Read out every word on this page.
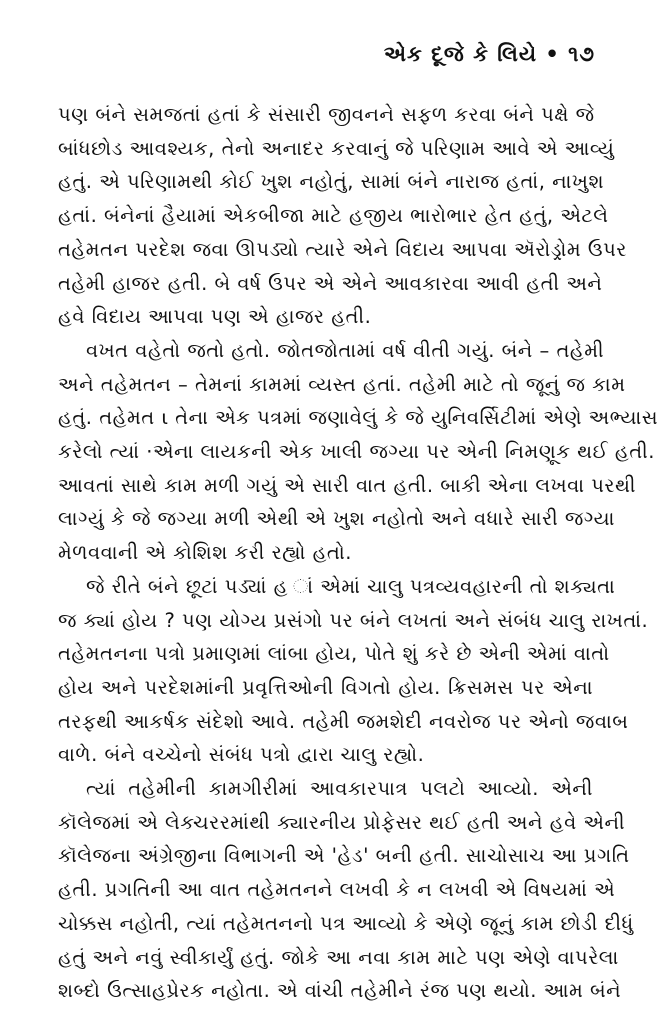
એક દૂજે કે લિયે • ૧૭
પણ બંને સમજતાં હતાં કે સંસારી જીવનને સફળ કરવા બંને પક્ષે જે
બાંધછોડ આવશ્યક, તેનો અનાદર કરવાનું જે પરિણામ આવે એ આવ્યું
હતું. એ પરિણામથી કોઈ ખુશ નહોતું, સામાં બંને નારાજ હતાં, નાખુશ
હતાં. બંનેનાં હૈયામાં એકબીજા માટે હજીય ભારોભાર હેત હતું, એટલે
તહેમતન પરદેશ જવા ઊપડ્યો ત્યારે એને વિદાય આપવા ઍરોડ્રોમ ઉપર
તહેમી હાજર હતી. બે વર્ષ ઉપર એ એને આવકારવા આવી હતી અને
હવે વિદાય આપવા પણ એ હાજર હતી.
વખત વહેતો જતો હતો. જોતજોતામાં વર્ષ વીતી ગયું. બંને – તહેમી
અને તહેમતન – તેમનાં કામમાં વ્યસ્ત હતાં. તહેમી માટે તો જૂનું જ કામ
હતું. તહેમત ι તેના એક પત્રમાં જણાવેલું કે જે યુનિવર્સિટીમાં એણે અભ્યાસ
કરેલો ત્યાં ·એના લાયકની એક ખાલી જગ્યા પર એની નિમણૂક થઈ હતી.
આવતાં સાથે કામ મળી ગયું એ સારી વાત હતી. બાકી એના લખવા પરથી
લાગ્યું કે જે જગ્યા મળી એથી એ ખુશ નહોતો અને વધારે સારી જગ્યા
મેળવવાની એ કોશિશ કરી રહ્યો હતો.
જે રીતે બંને છૂટાં પડ્યાં હ ાં એમાં ચાલુ પત્રવ્યવહારની તો શક્યતા
જ ક્યાં હોય ? પણ યોગ્ય પ્રસંગો પર બંને લખતાં અને સંબંધ ચાલુ રાખતાં.
તહેમતનના પત્રો પ્રમાણમાં લાંબા હોય, પોતે શું કરે છે એની એમાં વાતો
હોય અને પરદેશમાંની પ્રવૃત્તિઓની વિગતો હોય. ક્રિસમસ પર એના
તરફથી આકર્ષક સંદેશો આવે. તહેમી જમશેદી નવરોજ પર એનો જવાબ
વાળે. બંને વચ્ચેનો સંબંધ પત્રો દ્વારા ચાલુ રહ્યો.
ત્યાં તહેમીની કામગીરીમાં આવકારપાત્ર પલટો આવ્યો. એની
કૉલેજમાં એ લેક્ચરરમાંથી ક્યારનીય પ્રોફેસર થઈ હતી અને હવે એની
કૉલેજના અંગ્રેજીના વિભાગની એ 'હેડ' બની હતી. સાચોસાચ આ પ્રગતિ
હતી. પ્રગતિની આ વાત તહેમતનને લખવી કે ન લખવી એ વિષયમાં એ
ચોક્કસ નહોતી, ત્યાં તહેમતનનો પત્ર આવ્યો કે એણે જૂનું કામ છોડી દીધું
હતું અને નવું સ્વીકાર્યું હતું. જોકે આ નવા કામ માટે પણ એણે વાપરેલા
શબ્દો ઉત્સાહપ્રેરક નહોતા. એ વાંચી તહેમીને રંજ પણ થયો. આમ બંને
